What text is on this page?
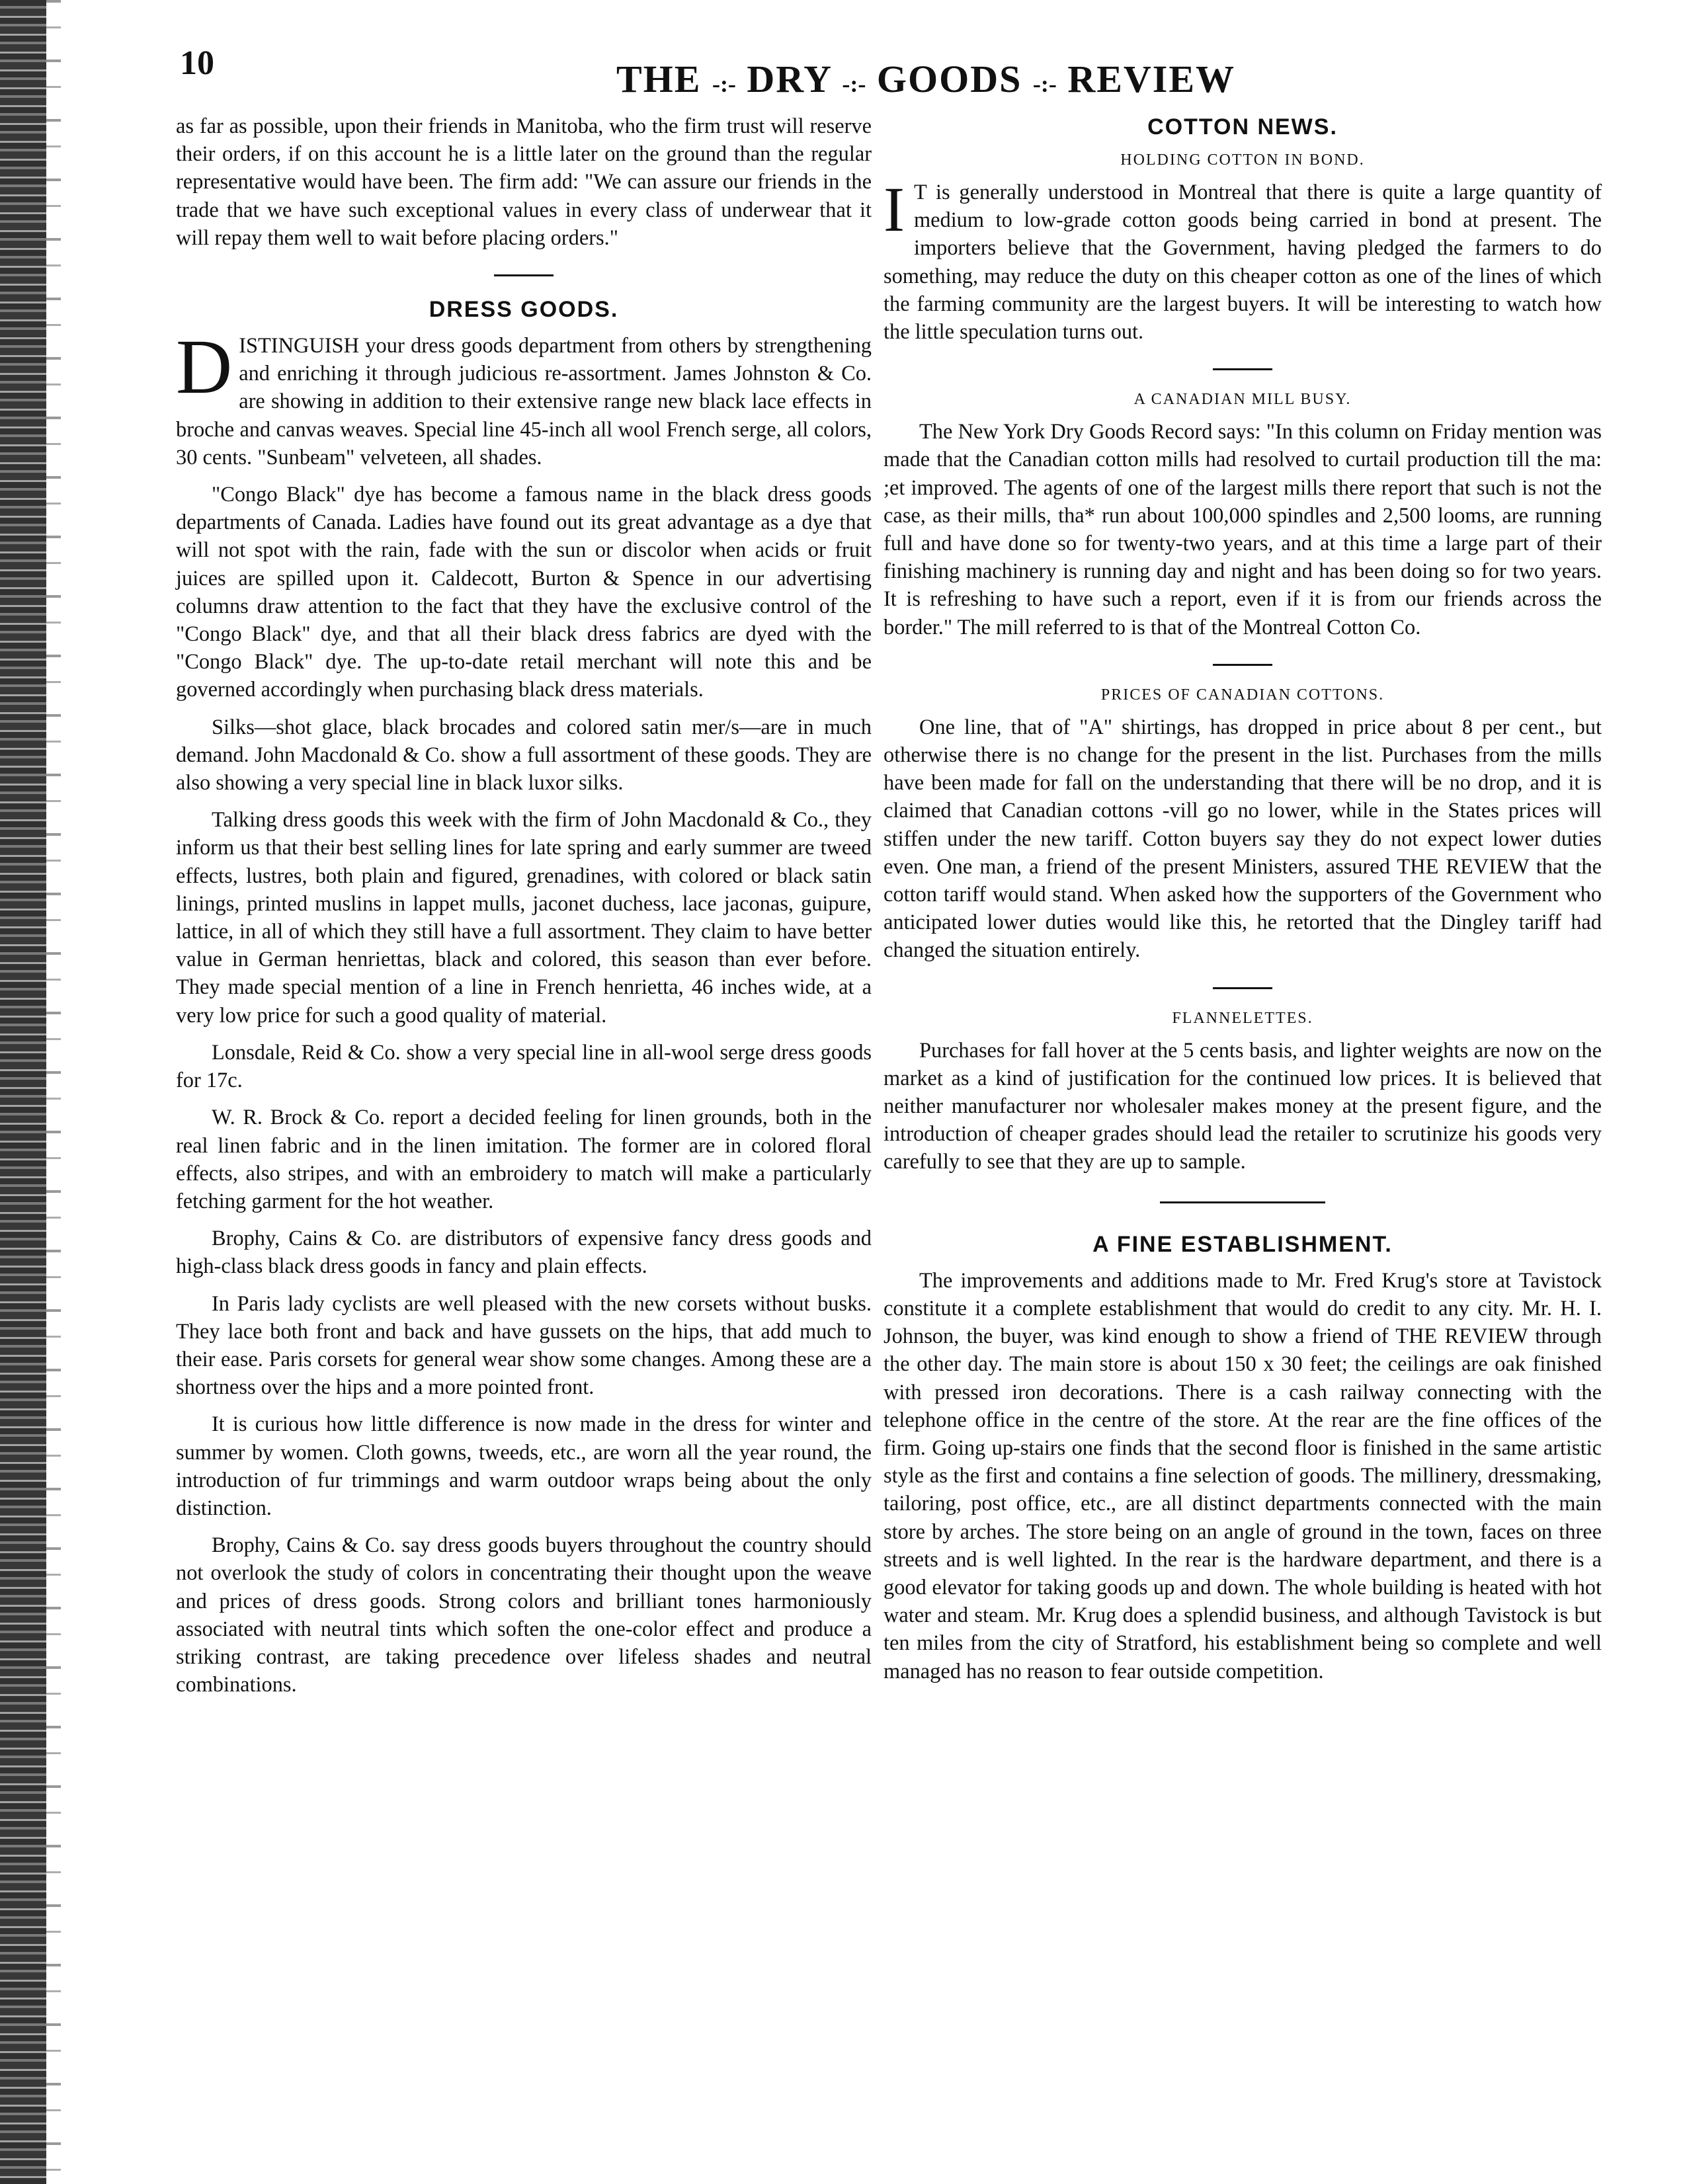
10	THE -:- DRY -:- GOODS -:- REVIEW

as far as possible, upon their friends in Manitoba, who the firm trust will reserve their orders, if on this account he is a little later on the ground than the regular representative would have been. The firm add: "We can assure our friends in the trade that we have such exceptional values in every class of underwear that it will repay them well to wait before placing orders."

DRESS GOODS.

DISTINGUISH your dress goods department from others by strengthening and enriching it through judicious re-assortment. James Johnston & Co. are showing in addition to their extensive range new black lace effects in broche and canvas weaves. Special line 45-inch all wool French serge, all colors, 30 cents. "Sunbeam" velveteen, all shades.

"Congo Black" dye has become a famous name in the black dress goods departments of Canada. Ladies have found out its great advantage as a dye that will not spot with the rain, fade with the sun or discolor when acids or fruit juices are spilled upon it. Caldecott, Burton & Spence in our advertising columns draw attention to the fact that they have the exclusive control of the "Congo Black" dye, and that all their black dress fabrics are dyed with the "Congo Black" dye. The up-to-date retail merchant will note this and be governed accordingly when purchasing black dress materials.

Silks—shot glace, black brocades and colored satin mer/s—are in much demand. John Macdonald & Co. show a full assortment of these goods. They are also showing a very special line in black luxor silks.

Talking dress goods this week with the firm of John Macdonald & Co., they inform us that their best selling lines for late spring and early summer are tweed effects, lustres, both plain and figured, grenadines, with colored or black satin linings, printed muslins in lappet mulls, jaconet duchess, lace jaconas, guipure, lattice, in all of which they still have a full assortment. They claim to have better value in German henriettas, black and colored, this season than ever before. They made special mention of a line in French henrietta, 46 inches wide, at a very low price for such a good quality of material.

Lonsdale, Reid & Co. show a very special line in all-wool serge dress goods for 17c.

W. R. Brock & Co. report a decided feeling for linen grounds, both in the real linen fabric and in the linen imitation. The former are in colored floral effects, also stripes, and with an embroidery to match will make a particularly fetching garment for the hot weather.

Brophy, Cains & Co. are distributors of expensive fancy dress goods and high-class black dress goods in fancy and plain effects.

In Paris lady cyclists are well pleased with the new corsets without busks. They lace both front and back and have gussets on the hips, that add much to their ease. Paris corsets for general wear show some changes. Among these are a shortness over the hips and a more pointed front.

It is curious how little difference is now made in the dress for winter and summer by women. Cloth gowns, tweeds, etc., are worn all the year round, the introduction of fur trimmings and warm outdoor wraps being about the only distinction.

Brophy, Cains & Co. say dress goods buyers throughout the country should not overlook the study of colors in concentrating their thought upon the weave and prices of dress goods. Strong colors and brilliant tones harmoniously associated with neutral tints which soften the one-color effect and produce a striking contrast, are taking precedence over lifeless shades and neutral combinations.

COTTON NEWS.
HOLDING COTTON IN BOND.

I T is generally understood in Montreal that there is quite a large quantity of medium to low-grade cotton goods being carried in bond at present. The importers believe that the Government, having pledged the farmers to do something, may reduce the duty on this cheaper cotton as one of the lines of which the farming community are the largest buyers. It will be interesting to watch how the little speculation turns out.

A CANADIAN MILL BUSY.

The New York Dry Goods Record says: "In this column on Friday mention was made that the Canadian cotton mills had resolved to curtail production till the ma: ;et improved. The agents of one of the largest mills there report that such is not the case, as their mills, tha* run about 100,000 spindles and 2,500 looms, are running full and have done so for twenty-two years, and at this time a large part of their finishing machinery is running day and night and has been doing so for two years. It is refreshing to have such a report, even if it is from our friends across the border." The mill referred to is that of the Montreal Cotton Co.

PRICES OF CANADIAN COTTONS.

One line, that of "A" shirtings, has dropped in price about 8 per cent., but otherwise there is no change for the present in the list. Purchases from the mills have been made for fall on the understanding that there will be no drop, and it is claimed that Canadian cottons -vill go no lower, while in the States prices will stiffen under the new tariff. Cotton buyers say they do not expect lower duties even. One man, a friend of the present Ministers, assured THE REVIEW that the cotton tariff would stand. When asked how the supporters of the Government who anticipated lower duties would like this, he retorted that the Dingley tariff had changed the situation entirely.

FLANNELETTES.

Purchases for fall hover at the 5 cents basis, and lighter weights are now on the market as a kind of justification for the continued low prices. It is believed that neither manufacturer nor wholesaler makes money at the present figure, and the introduction of cheaper grades should lead the retailer to scrutinize his goods very carefully to see that they are up to sample.

A FINE ESTABLISHMENT.

The improvements and additions made to Mr. Fred Krug's store at Tavistock constitute it a complete establishment that would do credit to any city. Mr. H. I. Johnson, the buyer, was kind enough to show a friend of THE REVIEW through the other day. The main store is about 150 x 30 feet; the ceilings are oak finished with pressed iron decorations. There is a cash railway connecting with the telephone office in the centre of the store. At the rear are the fine offices of the firm. Going up-stairs one finds that the second floor is finished in the same artistic style as the first and contains a fine selection of goods. The millinery, dressmaking, tailoring, post office, etc., are all distinct departments connected with the main store by arches. The store being on an angle of ground in the town, faces on three streets and is well lighted. In the rear is the hardware department, and there is a good elevator for taking goods up and down. The whole building is heated with hot water and steam. Mr. Krug does a splendid business, and although Tavistock is but ten miles from the city of Stratford, his establishment being so complete and well managed has no reason to fear outside competition.
